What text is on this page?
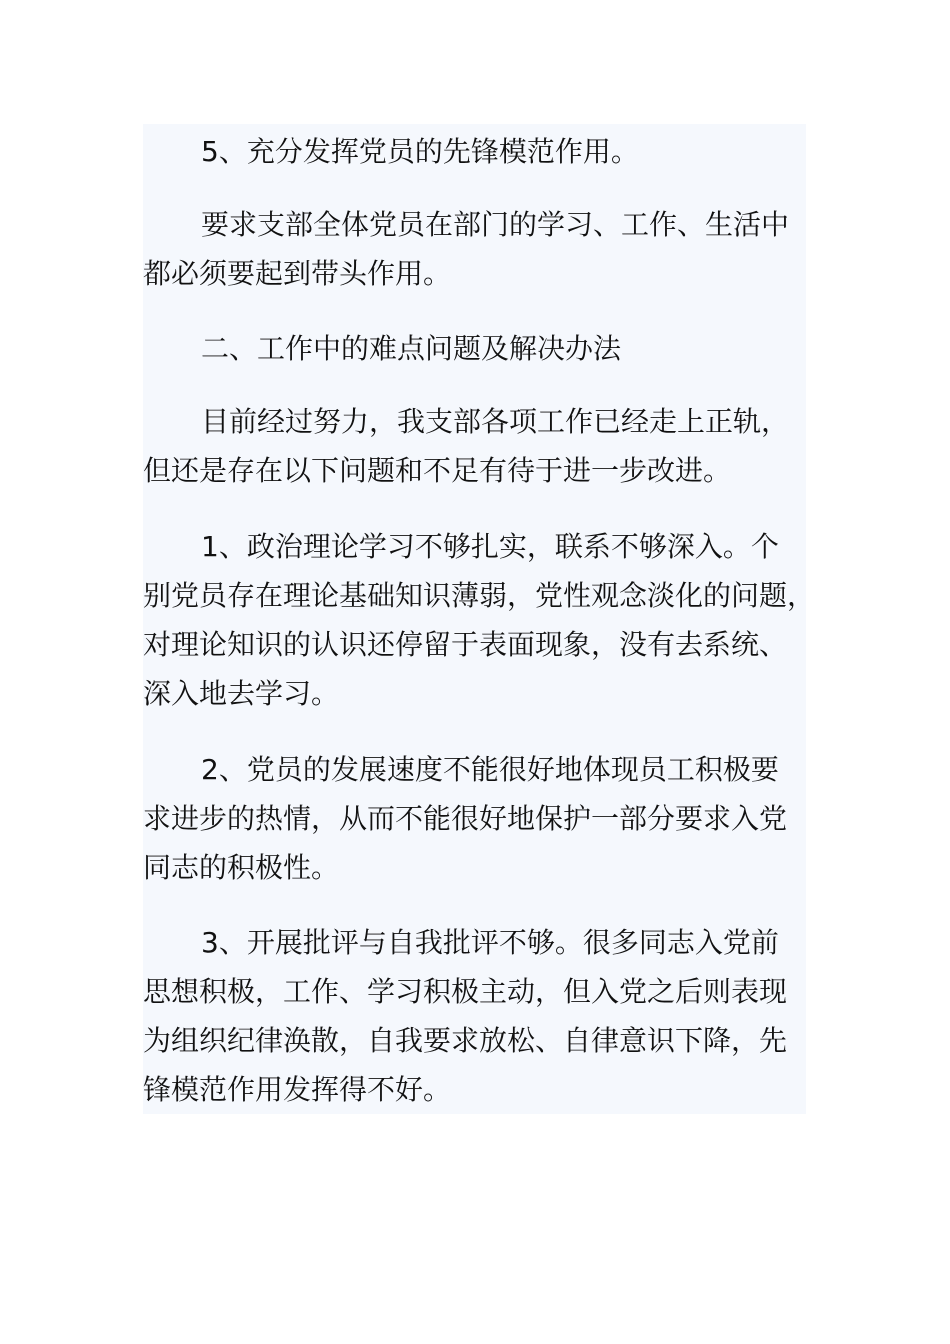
5、充分发挥党员的先锋模范作用。

要求支部全体党员在部门的学习、工作、生活中
都必须要起到带头作用。

二、工作中的难点问题及解决办法

目前经过努力，我支部各项工作已经走上正轨，
但还是存在以下问题和不足有待于进一步改进。

1、政治理论学习不够扎实，联系不够深入。个
别党员存在理论基础知识薄弱，党性观念淡化的问题，
对理论知识的认识还停留于表面现象，没有去系统、
深入地去学习。

2、党员的发展速度不能很好地体现员工积极要
求进步的热情，从而不能很好地保护一部分要求入党
同志的积极性。

3、开展批评与自我批评不够。很多同志入党前
思想积极，工作、学习积极主动，但入党之后则表现
为组织纪律涣散，自我要求放松、自律意识下降，先
锋模范作用发挥得不好。
